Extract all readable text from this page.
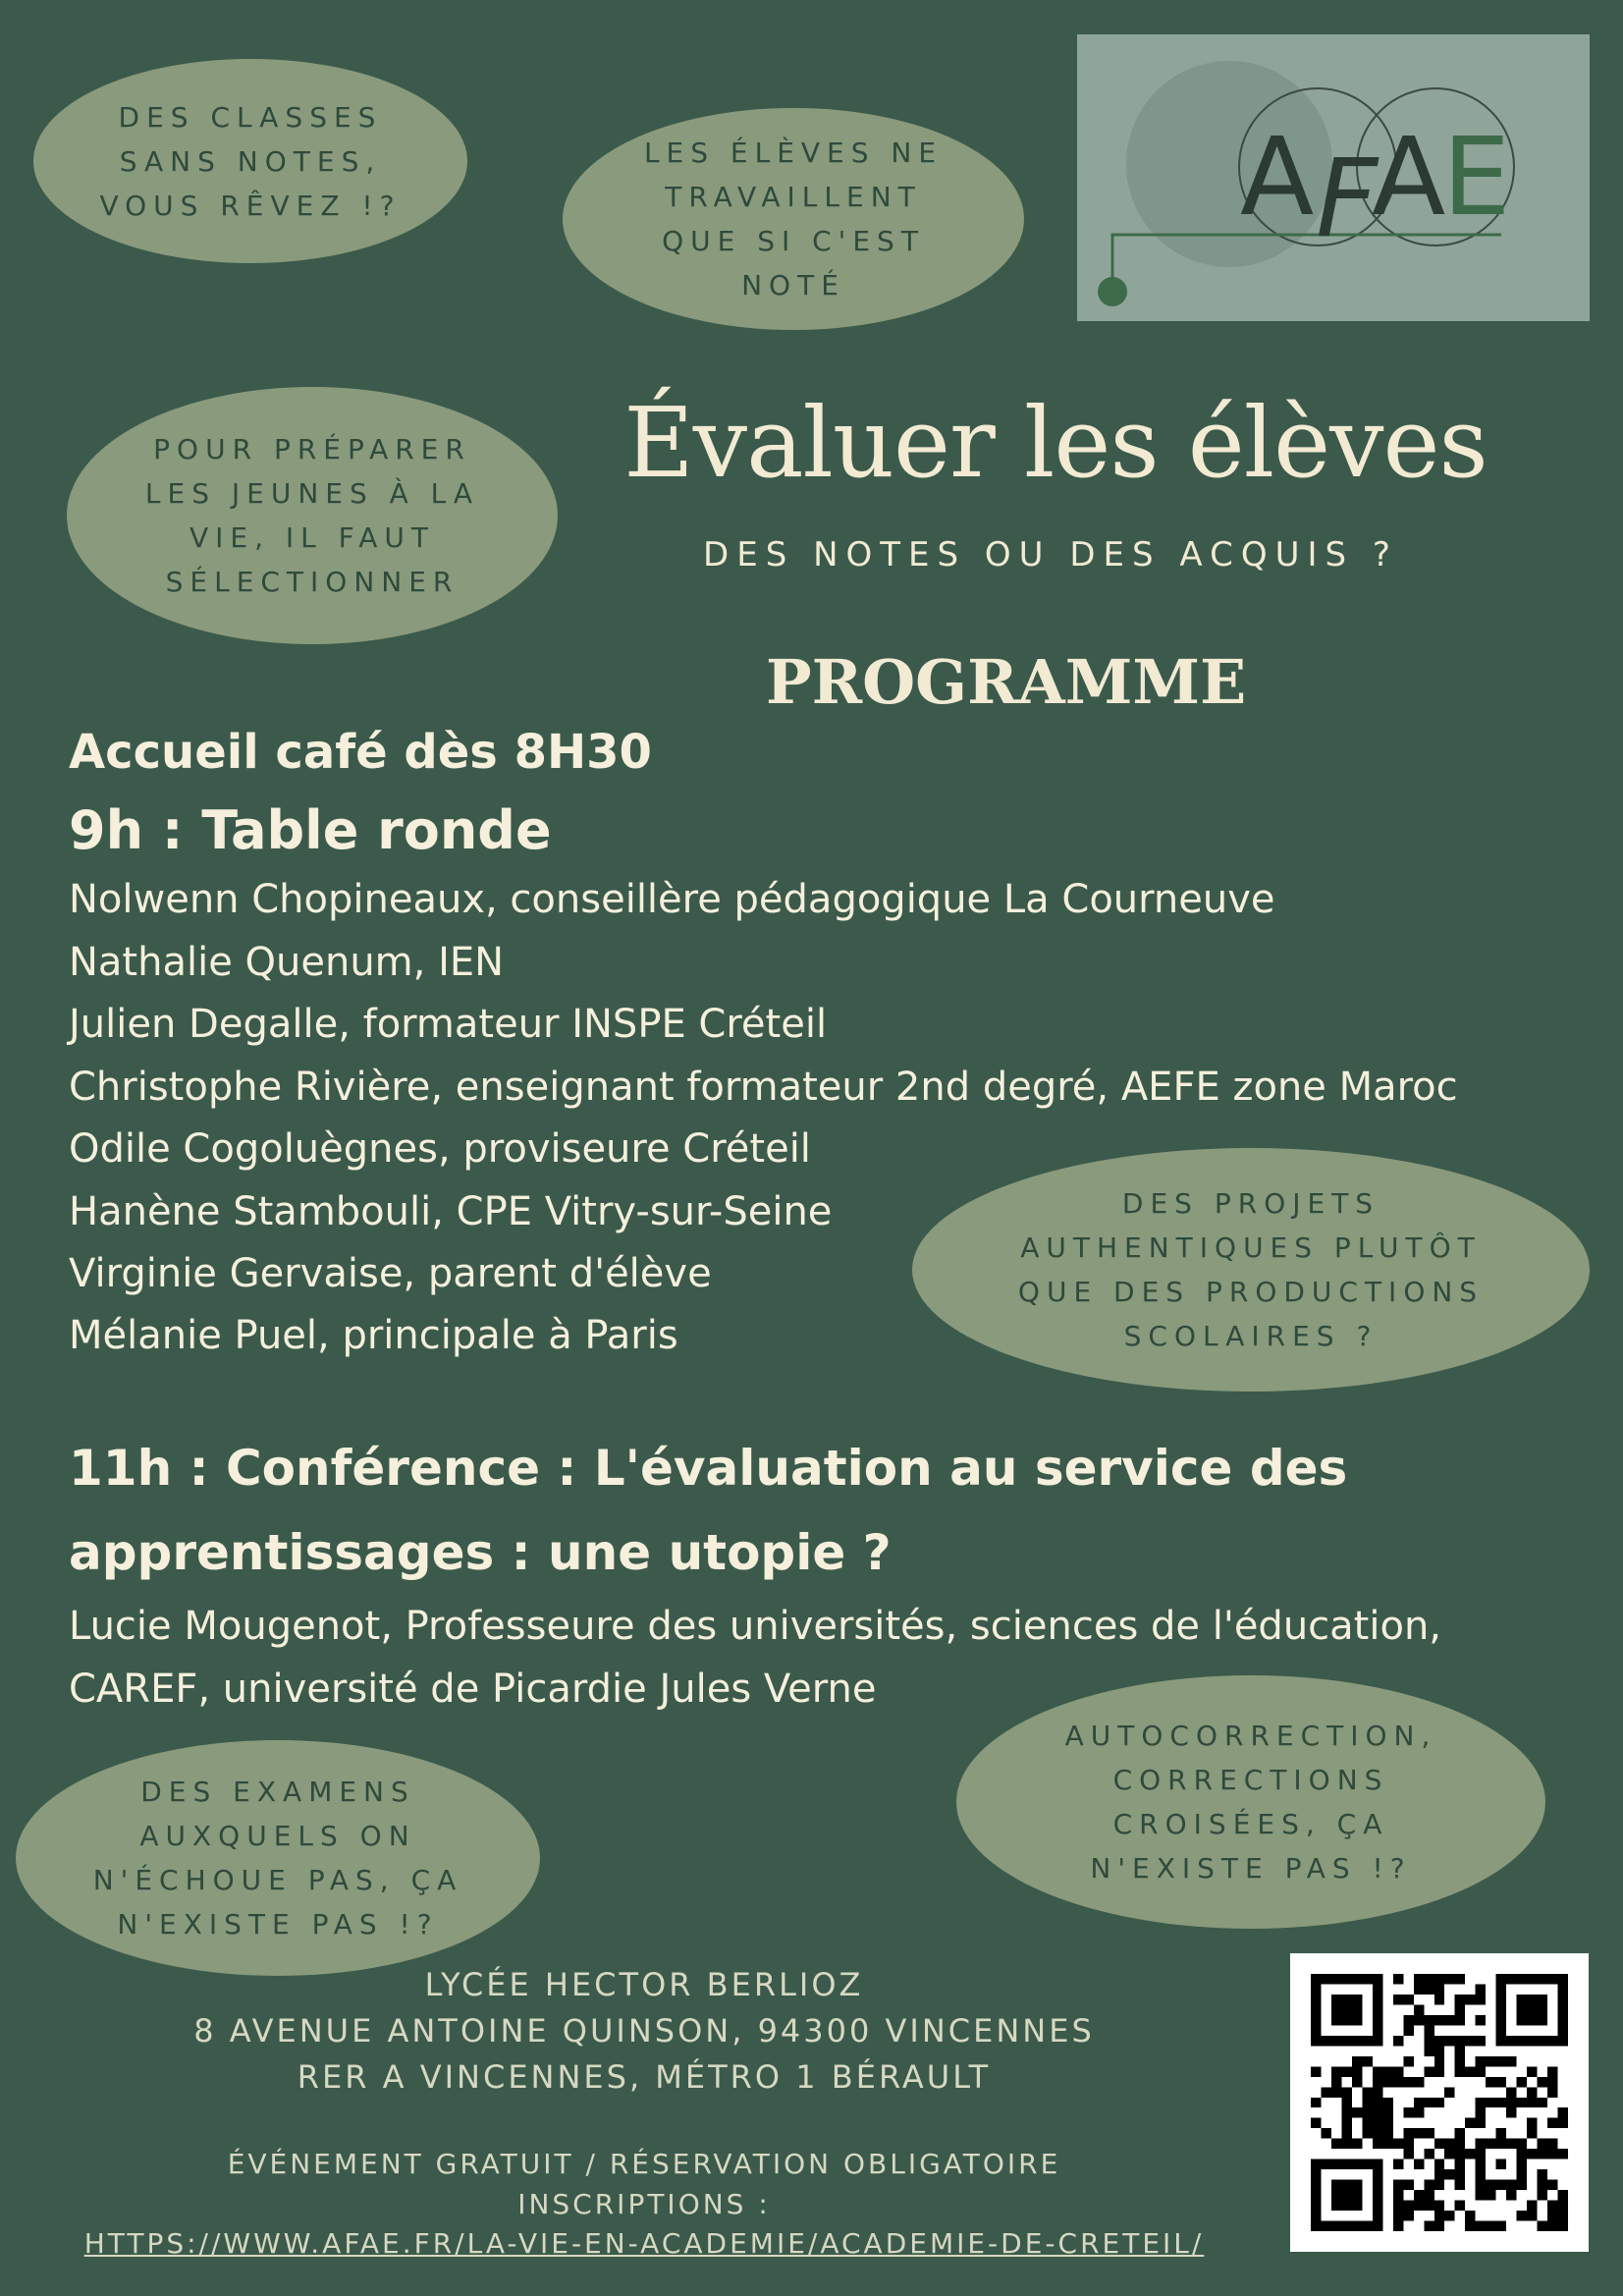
DES CLASSES
SANS NOTES,
VOUS RÊVEZ !?
LES ÉLÈVES NE
TRAVAILLENT
QUE SI C'EST
NOTÉ
POUR PRÉPARER
LES JEUNES À LA
VIE, IL FAUT
SÉLECTIONNER
DES PROJETS
AUTHENTIQUES PLUTÔT
QUE DES PRODUCTIONS
SCOLAIRES ?
DES EXAMENS
AUXQUELS ON
N'ÉCHOUE PAS, ÇA
N'EXISTE PAS !?
AUTOCORRECTION,
CORRECTIONS
CROISÉES, ÇA
N'EXISTE PAS !?
A F
A
E
Évaluer les élèves
DES NOTES OU DES ACQUIS ?
PROGRAMME
Accueil café dès 8H30
9h : Table ronde
Nolwenn Chopineaux, conseillère pédagogique La Courneuve
Nathalie Quenum, IEN
Julien Degalle, formateur INSPE Créteil
Christophe Rivière, enseignant formateur 2nd degré, AEFE zone Maroc
Odile Cogoluègnes, proviseure Créteil
Hanène Stambouli, CPE Vitry-sur-Seine
Virginie Gervaise, parent d'élève
Mélanie Puel, principale à Paris
11h : Conférence : L'évaluation au service des
apprentissages : une utopie ?
Lucie Mougenot, Professeure des universités, sciences de l'éducation,
CAREF, université de Picardie Jules Verne
LYCÉE HECTOR BERLIOZ
8 AVENUE ANTOINE QUINSON, 94300 VINCENNES
RER A VINCENNES, MÉTRO 1 BÉRAULT
ÉVÉNEMENT GRATUIT / RÉSERVATION OBLIGATOIRE
INSCRIPTIONS :
HTTPS://WWW.AFAE.FR/LA-VIE-EN-ACADEMIE/ACADEMIE-DE-CRETEIL/
